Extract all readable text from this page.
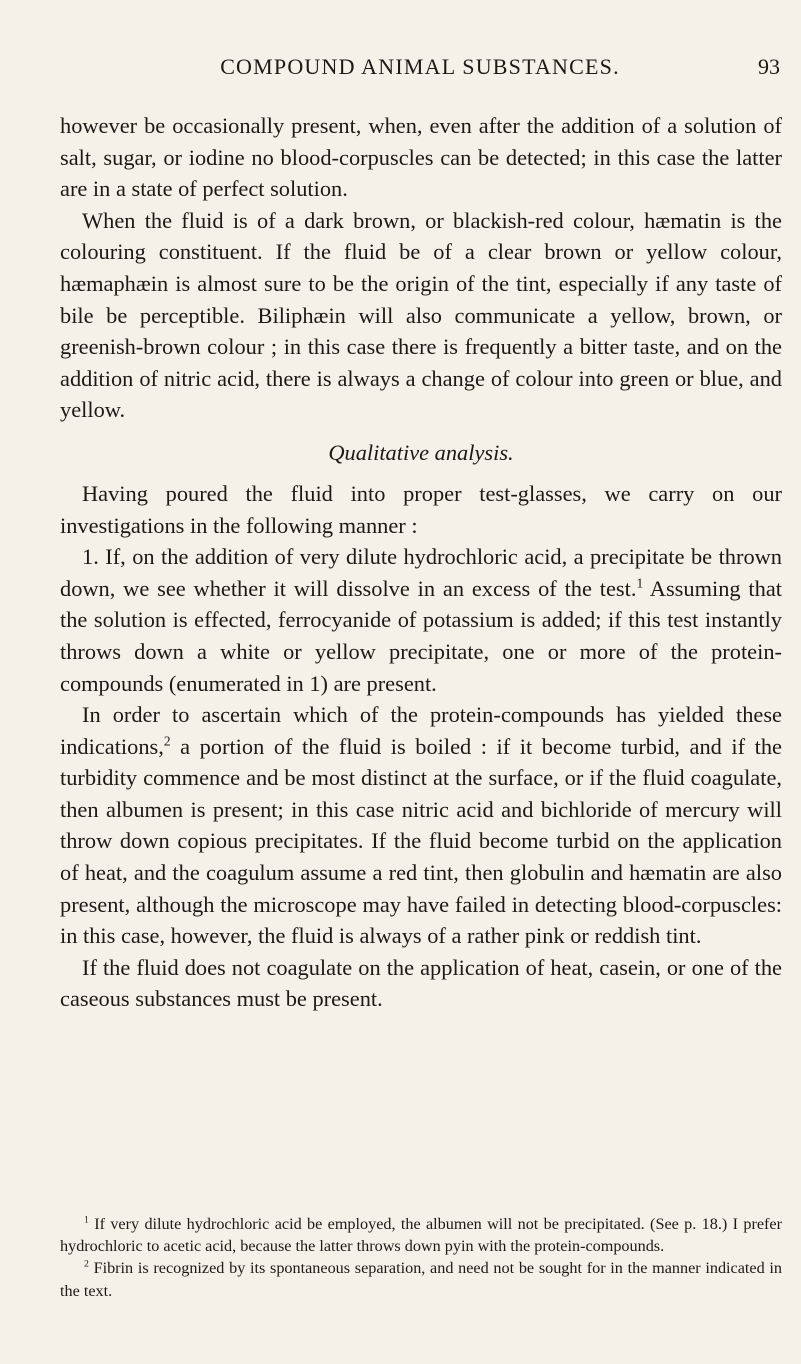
COMPOUND ANIMAL SUBSTANCES.	93

however be occasionally present, when, even after the addition of a solution of salt, sugar, or iodine no blood-corpuscles can be detected; in this case the latter are in a state of perfect solution.

When the fluid is of a dark brown, or blackish-red colour, hæmatin is the colouring constituent. If the fluid be of a clear brown or yellow colour, hæmaphæin is almost sure to be the origin of the tint, especially if any taste of bile be perceptible. Biliphæin will also communicate a yellow, brown, or greenish-brown colour ; in this case there is frequently a bitter taste, and on the addition of nitric acid, there is always a change of colour into green or blue, and yellow.

Qualitative analysis.

Having poured the fluid into proper test-glasses, we carry on our investigations in the following manner :

1. If, on the addition of very dilute hydrochloric acid, a precipitate be thrown down, we see whether it will dissolve in an excess of the test.$^1$ Assuming that the solution is effected, ferrocyanide of potassium is added; if this test instantly throws down a white or yellow precipitate, one or more of the protein-compounds (enumerated in 1) are present.

In order to ascertain which of the protein-compounds has yielded these indications,$^2$ a portion of the fluid is boiled : if it become turbid, and if the turbidity commence and be most distinct at the surface, or if the fluid coagulate, then albumen is present; in this case nitric acid and bichloride of mercury will throw down copious precipitates. If the fluid become turbid on the application of heat, and the coagulum assume a red tint, then globulin and hæmatin are also present, although the microscope may have failed in detecting blood-corpuscles: in this case, however, the fluid is always of a rather pink or reddish tint.

If the fluid does not coagulate on the application of heat, casein, or one of the caseous substances must be present.

$^1$ If very dilute hydrochloric acid be employed, the albumen will not be precipitated. (See p. 18.) I prefer hydrochloric to acetic acid, because the latter throws down pyin with the protein-compounds.

$^2$ Fibrin is recognized by its spontaneous separation, and need not be sought for in the manner indicated in the text.
